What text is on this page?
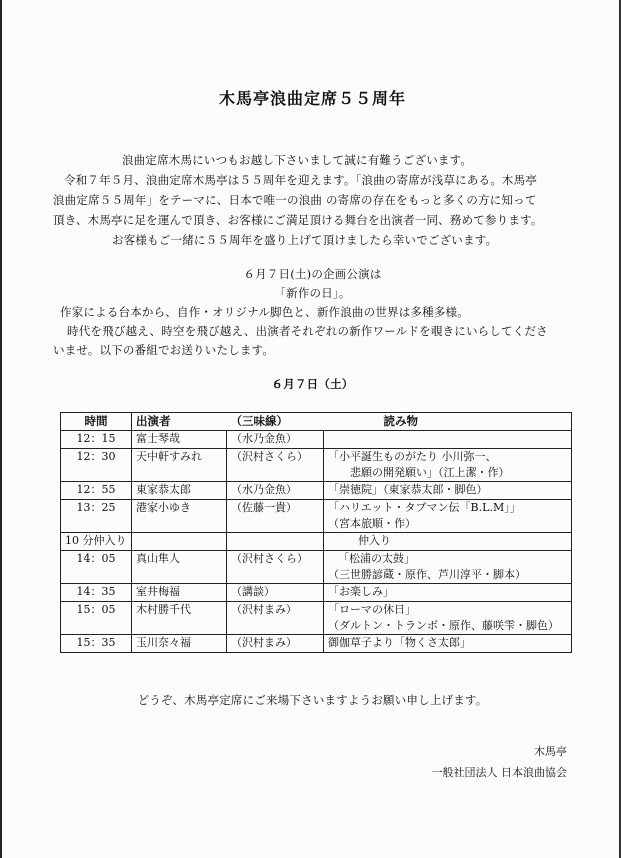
木馬亭浪曲定席５５周年
浪曲定席木馬にいつもお越し下さいまして誠に有難うございます。
令和７年５月、浪曲定席木馬亭は５５周年を迎えます。「浪曲の寄席が浅草にある。木馬亭
浪曲定席５５周年」をテーマに、日本で唯一の浪曲 の寄席の存在をもっと多くの方に知って
頂き、木馬亭に足を運んで頂き、お客様にご満足頂ける舞台を出演者一同、務めて参ります。
お客様もご一緒に５５周年を盛り上げて頂けましたら幸いでございます。
６月７日(土)の企画公演は
「新作の日」。
作家による台本から、自作・オリジナル脚色と、新作浪曲の世界は多種多様。
時代を飛び越え、時空を飛び越え、出演者それぞれの新作ワールドを覗きにいらしてくださ
いませ。以下の番組でお送りいたします。
６月７日（土）
時間	出演者	（三味線）	読み物
12：15	富士琴哉	（水乃金魚）	
12：30	天中軒すみれ	（沢村さくら）	「小平誕生ものがたり 小川弥一、
悲願の開発願い」（江上潔・作）

12：55	東家恭太郎	（水乃金魚）	「崇徳院」（東家恭太郎・脚色）
13：25	港家小ゆき	（佐藤一貴）	「ハリエット・タブマン伝「B.L.M」」
（宮本旅順・作）

10 分仲入り			仲入り
14：05	真山隼人	（沢村さくら）	「松浦の太鼓」
（三世勝諺蔵・原作、芦川淳平・脚本）

14：35	室井梅福	（講談）	「お楽しみ」
15：05	木村勝千代	（沢村まみ）	「ローマの休日」
（ダルトン・トランボ・原作、藤咲雫・脚色）

15：35	玉川奈々福	（沢村まみ）	御伽草子より「物くさ太郎」
どうぞ、木馬亭定席にご来場下さいますようお願い申し上げます。
木馬亭
一般社団法人 日本浪曲協会
